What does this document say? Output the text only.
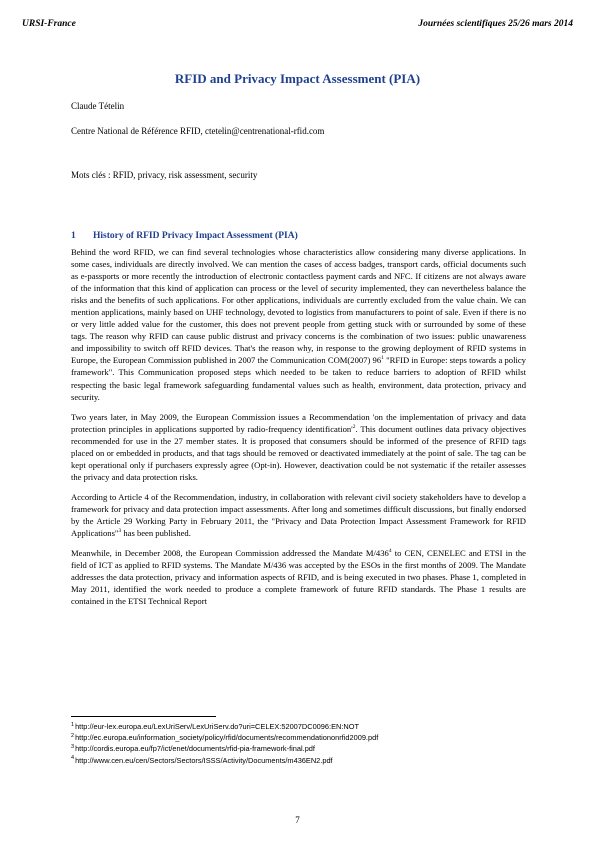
URSI-France	Journées scientifiques 25/26 mars 2014
RFID and Privacy Impact Assessment (PIA)
Claude Tételin
Centre National de Référence RFID, ctetelin@centrenational-rfid.com
Mots clés : RFID, privacy, risk assessment, security
1 History of RFID Privacy Impact Assessment (PIA)

Behind the word RFID, we can find several technologies whose characteristics allow considering many diverse applications. In some cases, individuals are directly involved. We can mention the cases of access badges, transport cards, official documents such as e-passports or more recently the introduction of electronic contactless payment cards and NFC. If citizens are not always aware of the information that this kind of application can process or the level of security implemented, they can nevertheless balance the risks and the benefits of such applications. For other applications, individuals are currently excluded from the value chain. We can mention applications, mainly based on UHF technology, devoted to logistics from manufacturers to point of sale. Even if there is no or very little added value for the customer, this does not prevent people from getting stuck with or surrounded by some of these tags. The reason why RFID can cause public distrust and privacy concerns is the combination of two issues: public unawareness and impossibility to switch off RFID devices. That's the reason why, in response to the growing deployment of RFID systems in Europe, the European Commission published in 2007 the Communication COM(2007) $96^1$ "RFID in Europe: steps towards a policy framework". This Communication proposed steps which needed to be taken to reduce barriers to adoption of RFID whilst respecting the basic legal framework safeguarding fundamental values such as health, environment, data protection, privacy and security.

Two years later, in May 2009, the European Commission issues a Recommendation 'on the implementation of privacy and data protection principles in applications supported by radio-frequency $identification'^2$. This document outlines data privacy objectives recommended for use in the 27 member states. It is proposed that consumers should be informed of the presence of RFID tags placed on or embedded in products, and that tags should be removed or deactivated immediately at the point of sale. The tag can be kept operational only if purchasers expressly agree (Opt-in). However, deactivation could be not systematic if the retailer assesses the privacy and data protection risks.

According to Article 4 of the Recommendation, industry, in collaboration with relevant civil society stakeholders have to develop a framework for privacy and data protection impact assessments. After long and sometimes difficult discussions, but finally endorsed by the Article 29 Working Party in February 2011, the "Privacy and Data Protection Impact Assessment Framework for RFID Applications"$^3$ has been published.

Meanwhile, in December 2008, the European Commission addressed the Mandate $M/436^4$ to CEN, CENELEC and ETSI in the field of ICT as applied to RFID systems. The Mandate M/436 was accepted by the ESOs in the first months of 2009. The Mandate addresses the data protection, privacy and information aspects of RFID, and is being executed in two phases. Phase 1, completed in May 2011, identified the work needed to produce a complete framework of future RFID standards. The Phase 1 results are contained in the ETSI Technical Report

$^1$http://eur-lex.europa.eu/LexUriServ/LexUriServ.do?uri=CELEX:52007DC0096:EN:NOT
$^2$http://ec.europa.eu/information_society/policy/rfid/documents/recommendationonrfid2009.pdf
$^3$http://cordis.europa.eu/fp7/ict/enet/documents/rfid-pia-framework-final.pdf
$^4$http://www.cen.eu/cen/Sectors/Sectors/ISSS/Activity/Documents/m436EN2.pdf
7
